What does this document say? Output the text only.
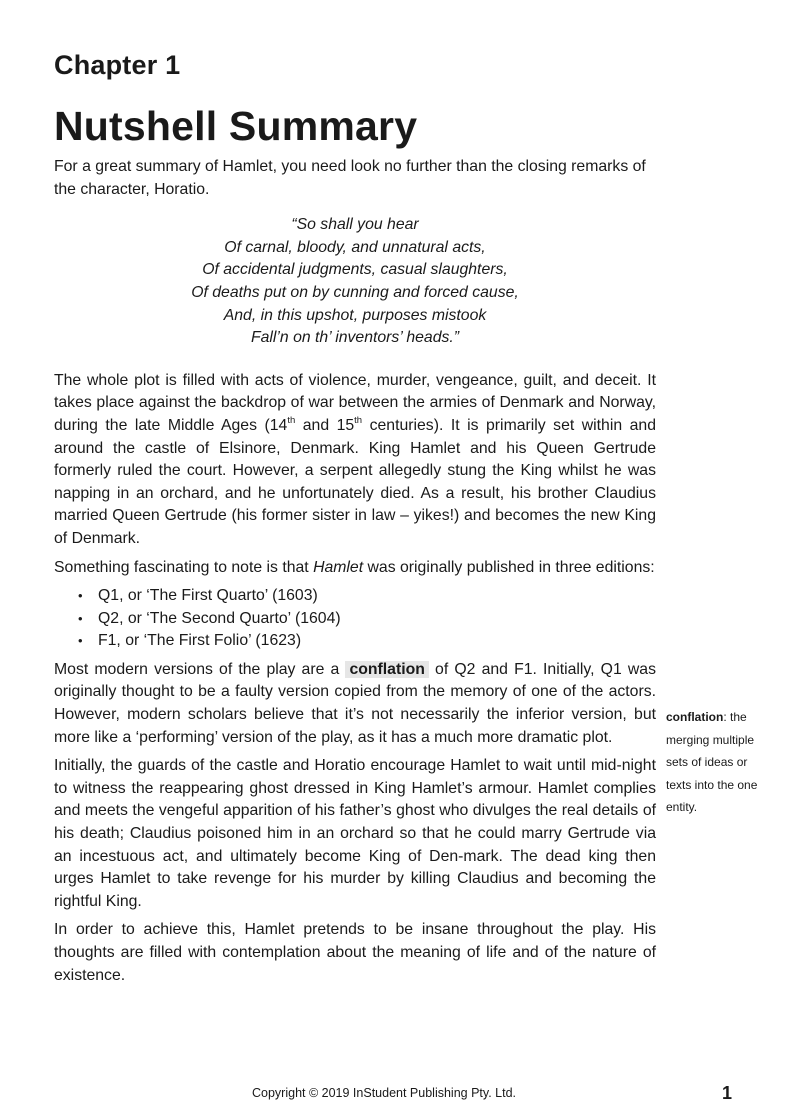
Chapter 1
Nutshell Summary

For a great summary of Hamlet, you need look no further than the closing remarks of the character, Horatio.

“So shall you hear
Of carnal, bloody, and unnatural acts,
Of accidental judgments, casual slaughters,
Of deaths put on by cunning and forced cause,
And, in this upshot, purposes mistook
Fall’n on th’ inventors’ heads.”

The whole plot is filled with acts of violence, murder, vengeance, guilt, and deceit. It takes place against the backdrop of war between the armies of Denmark and Norway, during the late Middle Ages (14th and 15th centuries). It is primarily set within and around the castle of Elsinore, Denmark. King Hamlet and his Queen Gertrude formerly ruled the court. However, a serpent allegedly stung the King whilst he was napping in an orchard, and he unfortunately died. As a result, his brother Claudius married Queen Gertrude (his former sister in law – yikes!) and becomes the new King of Denmark.

Something fascinating to note is that Hamlet was originally published in three editions:

• Q1, or ‘The First Quarto’ (1603)
• Q2, or ‘The Second Quarto’ (1604)
• F1, or ‘The First Folio’ (1623)

Most modern versions of the play are a conflation of Q2 and F1. Initially, Q1 was originally thought to be a faulty version copied from the memory of one of the actors. However, modern scholars believe that it’s not necessarily the inferior version, but more like a ‘performing’ version of the play, as it has a much more dramatic plot.

Initially, the guards of the castle and Horatio encourage Hamlet to wait until mid-night to witness the reappearing ghost dressed in King Hamlet’s armour. Hamlet complies and meets the vengeful apparition of his father’s ghost who divulges the real details of his death; Claudius poisoned him in an orchard so that he could marry Gertrude via an incestuous act, and ultimately become King of Den-mark. The dead king then urges Hamlet to take revenge for his murder by killing Claudius and becoming the rightful King.

In order to achieve this, Hamlet pretends to be insane throughout the play. His thoughts are filled with contemplation about the meaning of life and of the nature of existence.

conflation: the merging multiple sets of ideas or texts into the one entity.
Copyright © 2019 InStudent Publishing Pty. Ltd.	1
